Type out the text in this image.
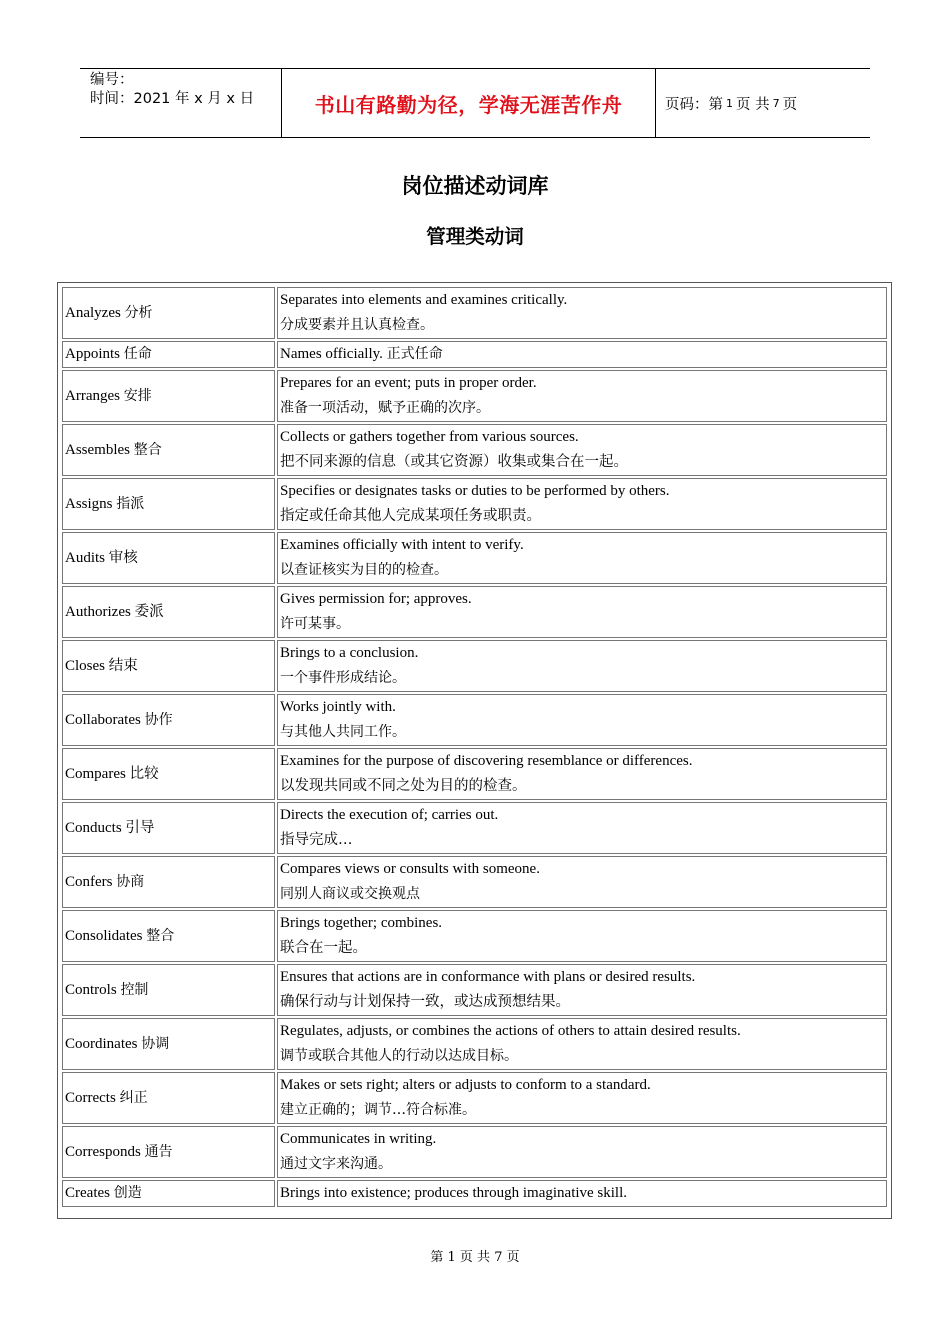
编号：
时间：2021 年 x 月 x 日	书山有路勤为径，学海无涯苦作舟	页码：第 1 页 共 7 页
岗位描述动词库
管理类动词
Analyzes 分析	Separates into elements and examines critically.
分成要素并且认真检查。
Appoints 任命	Names officially. 正式任命
Arranges 安排	Prepares for an event; puts in proper order.
准备一项活动，赋予正确的次序。
Assembles 整合	Collects or gathers together from various sources.
把不同来源的信息（或其它资源）收集或集合在一起。
Assigns 指派	Specifies or designates tasks or duties to be performed by others.
指定或任命其他人完成某项任务或职责。
Audits 审核	Examines officially with intent to verify.
以查证核实为目的的检查。
Authorizes 委派	Gives permission for; approves.
许可某事。
Closes 结束	Brings to a conclusion.
一个事件形成结论。
Collaborates 协作	Works jointly with.
与其他人共同工作。
Compares 比较	Examines for the purpose of discovering resemblance or differences.
以发现共同或不同之处为目的的检查。
Conducts 引导	Directs the execution of; carries out.
指导完成…
Confers 协商	Compares views or consults with someone.
同别人商议或交换观点
Consolidates 整合	Brings together; combines.
联合在一起。
Controls 控制	Ensures that actions are in conformance with plans or desired results.
确保行动与计划保持一致，或达成预想结果。
Coordinates 协调	Regulates, adjusts, or combines the actions of others to attain desired results.
调节或联合其他人的行动以达成目标。
Corrects 纠正	Makes or sets right; alters or adjusts to conform to a standard.
建立正确的；调节…符合标准。
Corresponds 通告	Communicates in writing.
通过文字来沟通。
Creates 创造	Brings into existence; produces through imaginative skill.
第 1 页 共 7 页
